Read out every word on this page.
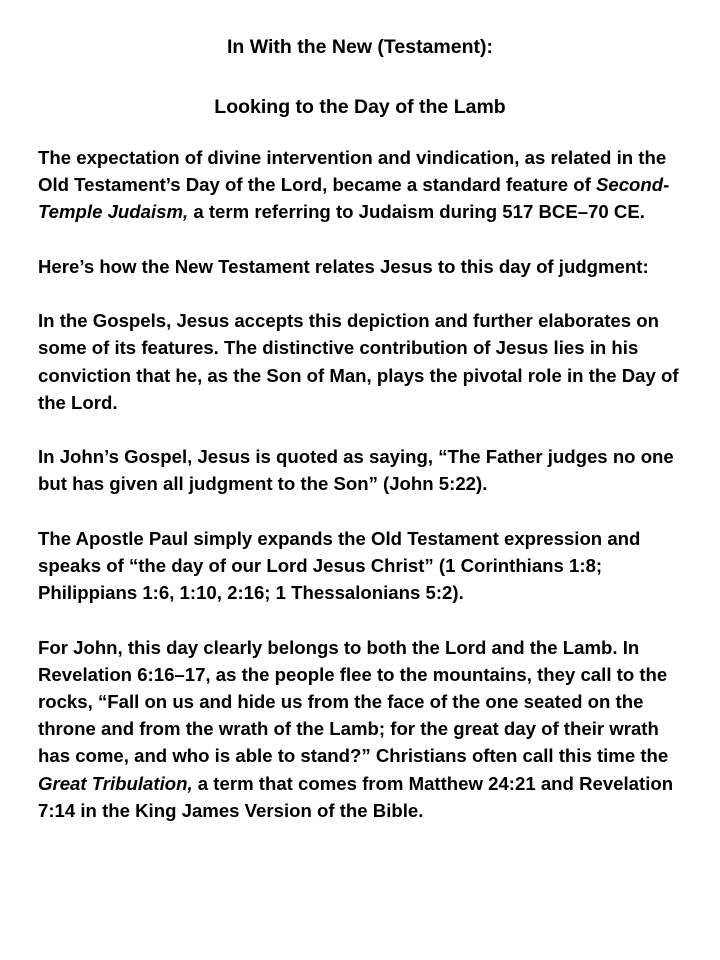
In With the New (Testament):
Looking to the Day of the Lamb

The expectation of divine intervention and vindication, as related in the Old Testament’s Day of the Lord, became a standard feature of Second-Temple Judaism, a term referring to Judaism during 517 BCE–70 CE.

Here’s how the New Testament relates Jesus to this day of judgment:

In the Gospels, Jesus accepts this depiction and further elaborates on some of its features. The distinctive contribution of Jesus lies in his conviction that he, as the Son of Man, plays the pivotal role in the Day of the Lord.

In John’s Gospel, Jesus is quoted as saying, “The Father judges no one but has given all judgment to the Son” (John 5:22).

The Apostle Paul simply expands the Old Testament expression and speaks of “the day of our Lord Jesus Christ” (1 Corinthians 1:8; Philippians 1:6, 1:10, 2:16; 1 Thessalonians 5:2).

For John, this day clearly belongs to both the Lord and the Lamb. In Revelation 6:16–17, as the people flee to the mountains, they call to the rocks, “Fall on us and hide us from the face of the one seated on the throne and from the wrath of the Lamb; for the great day of their wrath has come, and who is able to stand?” Christians often call this time the Great Tribulation, a term that comes from Matthew 24:21 and Revelation 7:14 in the King James Version of the Bible.
